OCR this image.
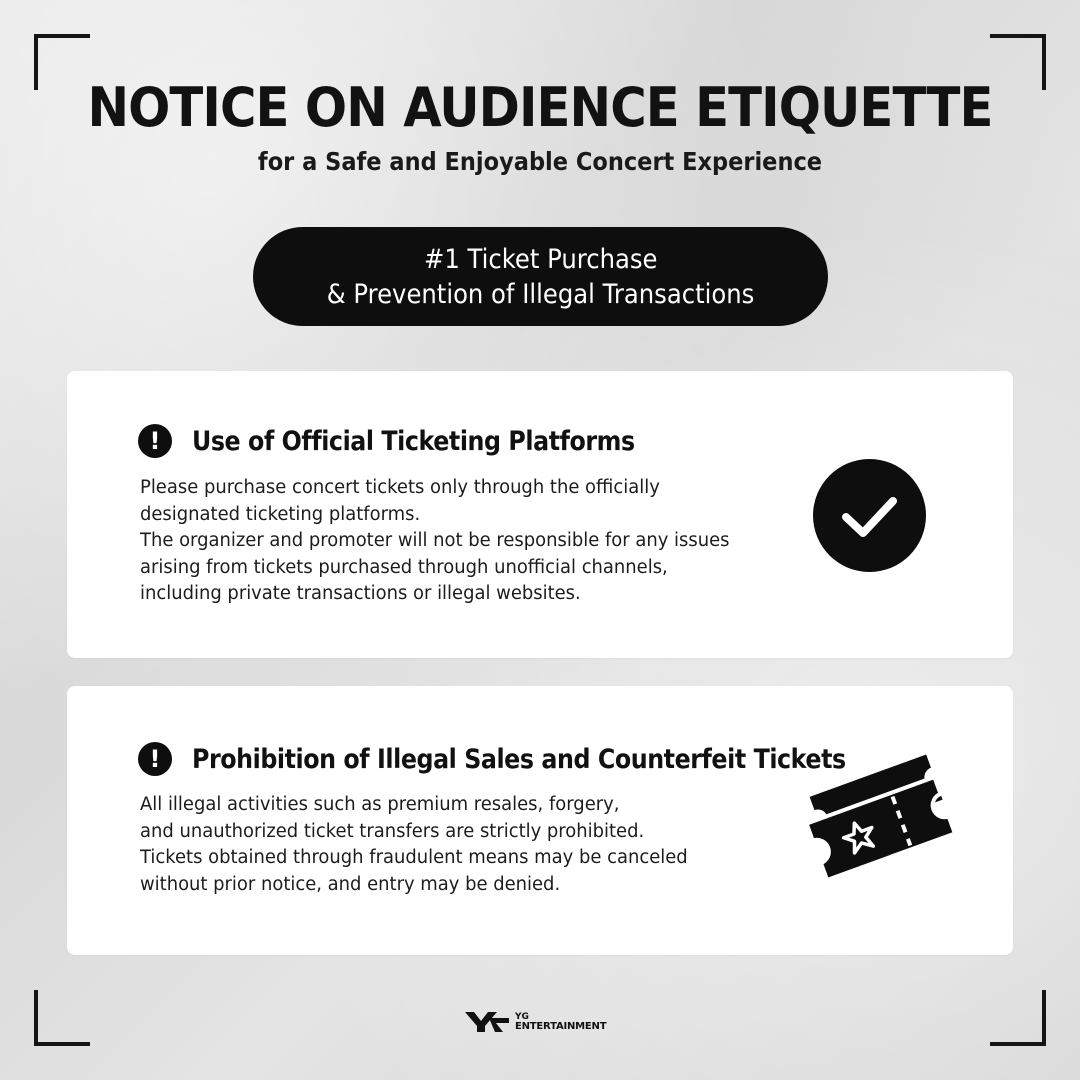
NOTICE ON AUDIENCE ETIQUETTE
for a Safe and Enjoyable Concert Experience
#1 Ticket Purchase
& Prevention of Illegal Transactions
!	Use of Official Ticketing Platforms

Please purchase concert tickets only through the officially

designated ticketing platforms.

The organizer and promoter will not be responsible for any issues

arising from tickets purchased through unofficial channels,

including private transactions or illegal websites.

!	Prohibition of Illegal Sales and Counterfeit Tickets

All illegal activities such as premium resales, forgery,

and unauthorized ticket transfers are strictly prohibited.

Tickets obtained through fraudulent means may be canceled

without prior notice, and entry may be denied.

YG
ENTERTAINMENT
